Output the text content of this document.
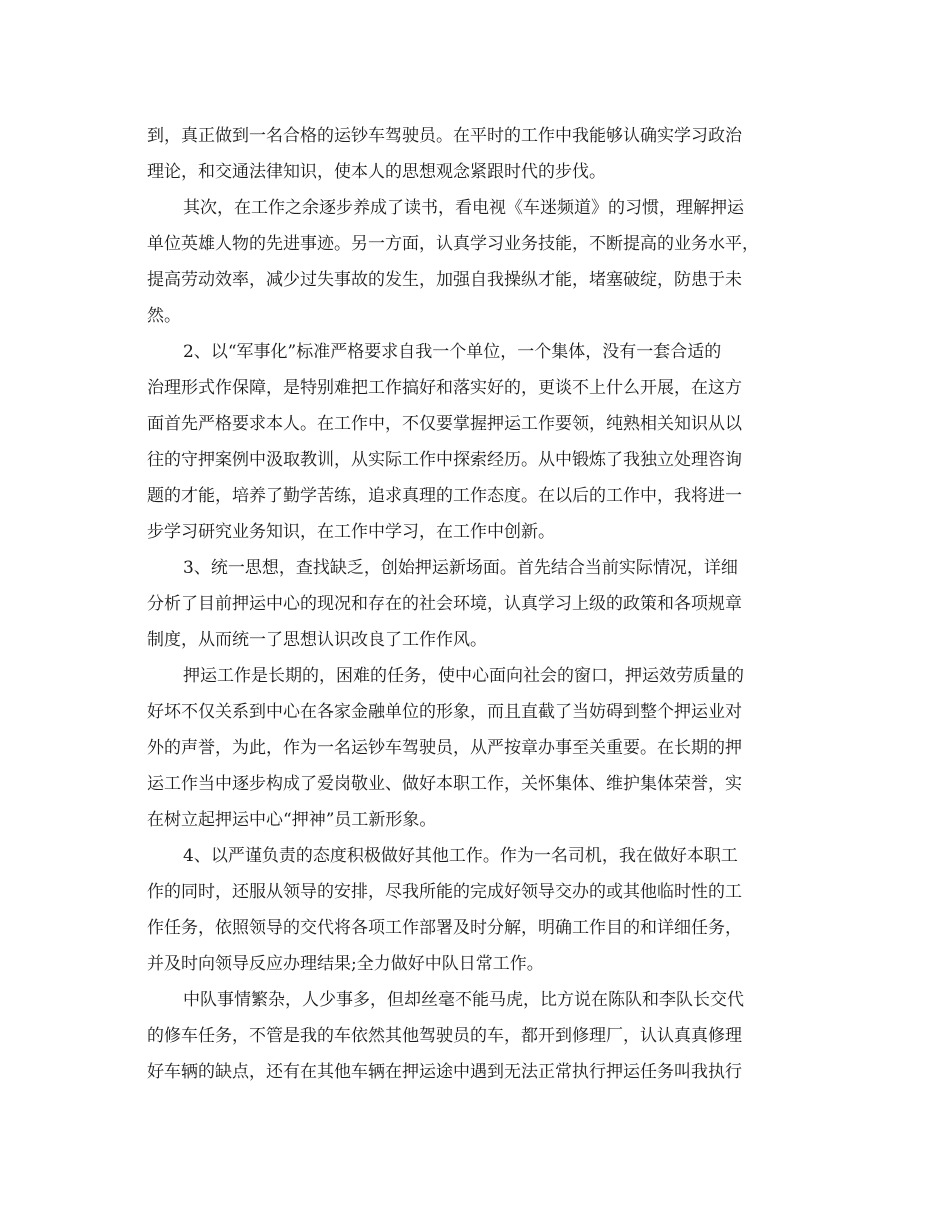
到，真正做到一名合格的运钞车驾驶员。在平时的工作中我能够认确实学习政治
理论，和交通法律知识，使本人的思想观念紧跟时代的步伐。
其次，在工作之余逐步养成了读书，看电视《车迷频道》的习惯，理解押运
单位英雄人物的先进事迹。另一方面，认真学习业务技能，不断提高的业务水平，
提高劳动效率，减少过失事故的发生，加强自我操纵才能，堵塞破绽，防患于未
然。
2、以“军事化”标准严格要求自我一个单位，一个集体，没有一套合适的
治理形式作保障，是特别难把工作搞好和落实好的，更谈不上什么开展，在这方
面首先严格要求本人。在工作中，不仅要掌握押运工作要领，纯熟相关知识从以
往的守押案例中汲取教训，从实际工作中探索经历。从中锻炼了我独立处理咨询
题的才能，培养了勤学苦练，追求真理的工作态度。在以后的工作中，我将进一
步学习研究业务知识，在工作中学习，在工作中创新。
3、统一思想，查找缺乏，创始押运新场面。首先结合当前实际情况，详细
分析了目前押运中心的现况和存在的社会环境，认真学习上级的政策和各项规章
制度，从而统一了思想认识改良了工作作风。
押运工作是长期的，困难的任务，使中心面向社会的窗口，押运效劳质量的
好坏不仅关系到中心在各家金融单位的形象，而且直截了当妨碍到整个押运业对
外的声誉，为此，作为一名运钞车驾驶员，从严按章办事至关重要。在长期的押
运工作当中逐步构成了爱岗敬业、做好本职工作，关怀集体、维护集体荣誉，实
在树立起押运中心“押神”员工新形象。
4、以严谨负责的态度积极做好其他工作。作为一名司机，我在做好本职工
作的同时，还服从领导的安排，尽我所能的完成好领导交办的或其他临时性的工
作任务，依照领导的交代将各项工作部署及时分解，明确工作目的和详细任务，
并及时向领导反应办理结果;全力做好中队日常工作。
中队事情繁杂，人少事多，但却丝毫不能马虎，比方说在陈队和李队长交代
的修车任务，不管是我的车依然其他驾驶员的车，都开到修理厂，认认真真修理
好车辆的缺点，还有在其他车辆在押运途中遇到无法正常执行押运任务叫我执行
